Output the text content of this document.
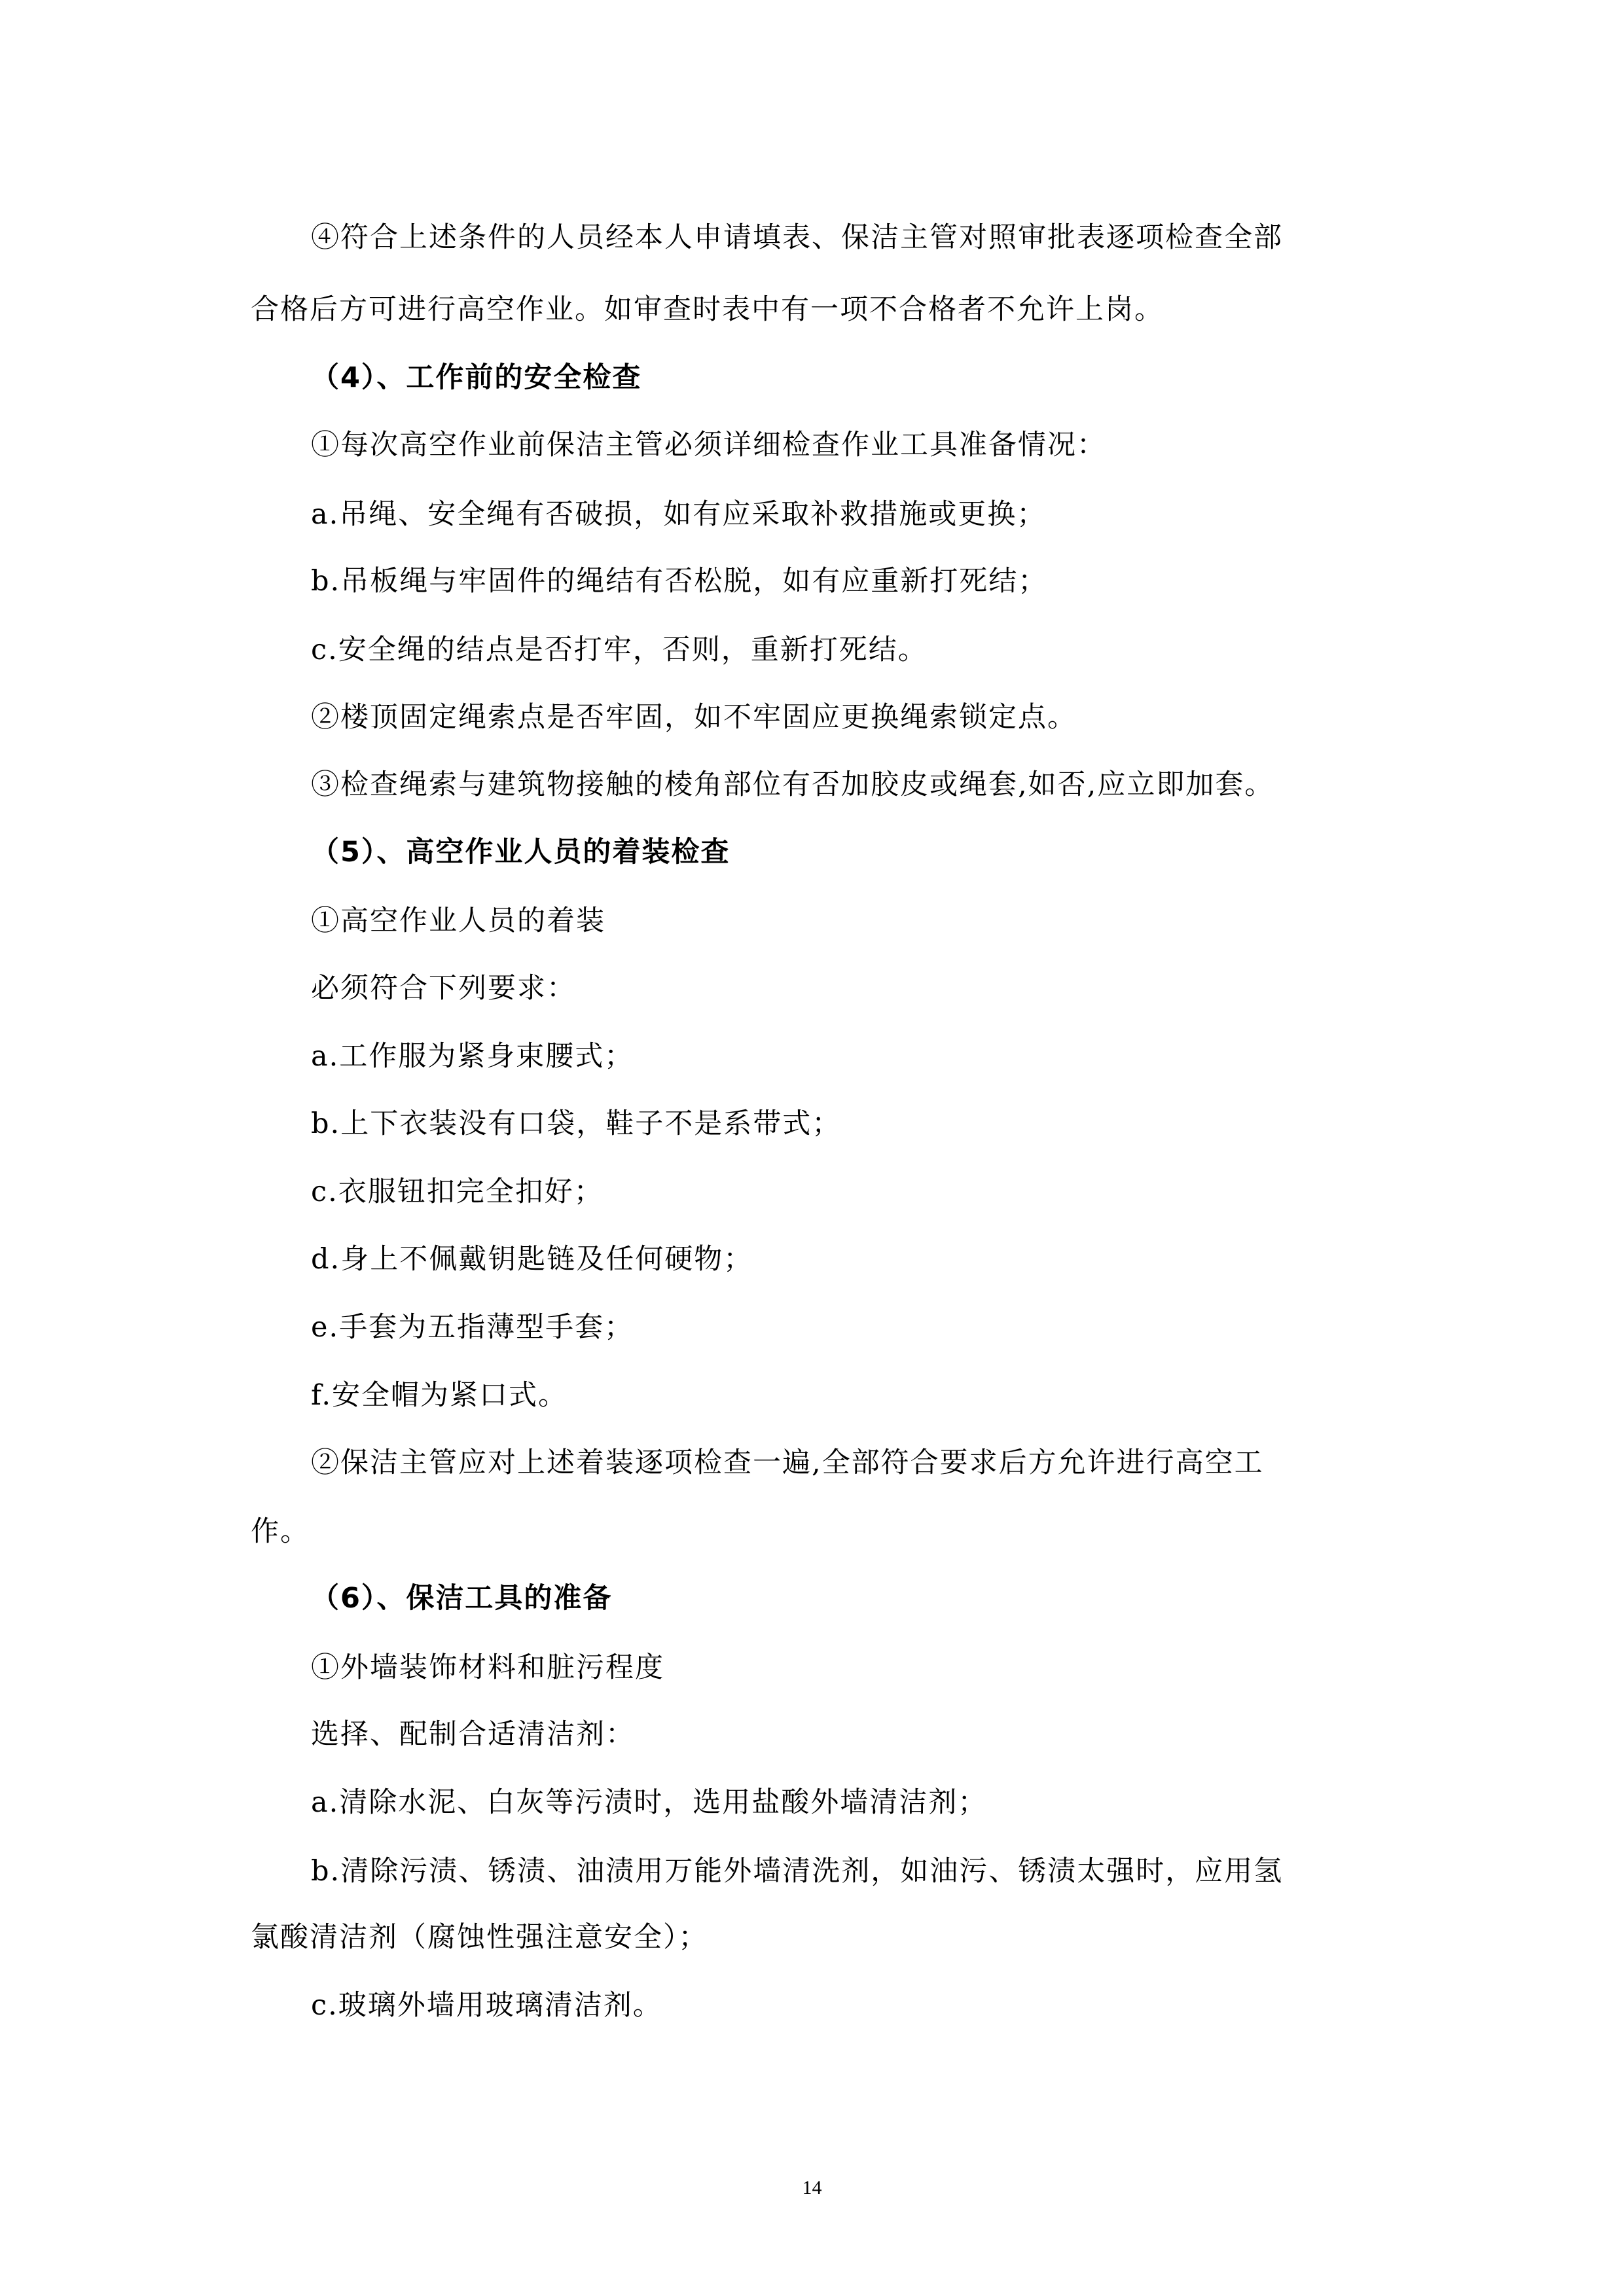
④符合上述条件的人员经本人申请填表、保洁主管对照审批表逐项检查全部
合格后方可进行高空作业。如审查时表中有一项不合格者不允许上岗。
（4）、工作前的安全检查
①每次高空作业前保洁主管必须详细检查作业工具准备情况：
a.吊绳、安全绳有否破损，如有应采取补救措施或更换；
b.吊板绳与牢固件的绳结有否松脱，如有应重新打死结；
c.安全绳的结点是否打牢，否则，重新打死结。
②楼顶固定绳索点是否牢固，如不牢固应更换绳索锁定点。
③检查绳索与建筑物接触的棱角部位有否加胶皮或绳套,如否,应立即加套。
（5）、高空作业人员的着装检查
①高空作业人员的着装
必须符合下列要求：
a.工作服为紧身束腰式；
b.上下衣装没有口袋，鞋子不是系带式；
c.衣服钮扣完全扣好；
d.身上不佩戴钥匙链及任何硬物；
e.手套为五指薄型手套；
f.安全帽为紧口式。
②保洁主管应对上述着装逐项检查一遍,全部符合要求后方允许进行高空工
作。
（6）、保洁工具的准备
①外墙装饰材料和脏污程度
选择、配制合适清洁剂：
a.清除水泥、白灰等污渍时，选用盐酸外墙清洁剂；
b.清除污渍、锈渍、油渍用万能外墙清洗剂，如油污、锈渍太强时，应用氢
氯酸清洁剂（腐蚀性强注意安全）；
c.玻璃外墙用玻璃清洁剂。
14
